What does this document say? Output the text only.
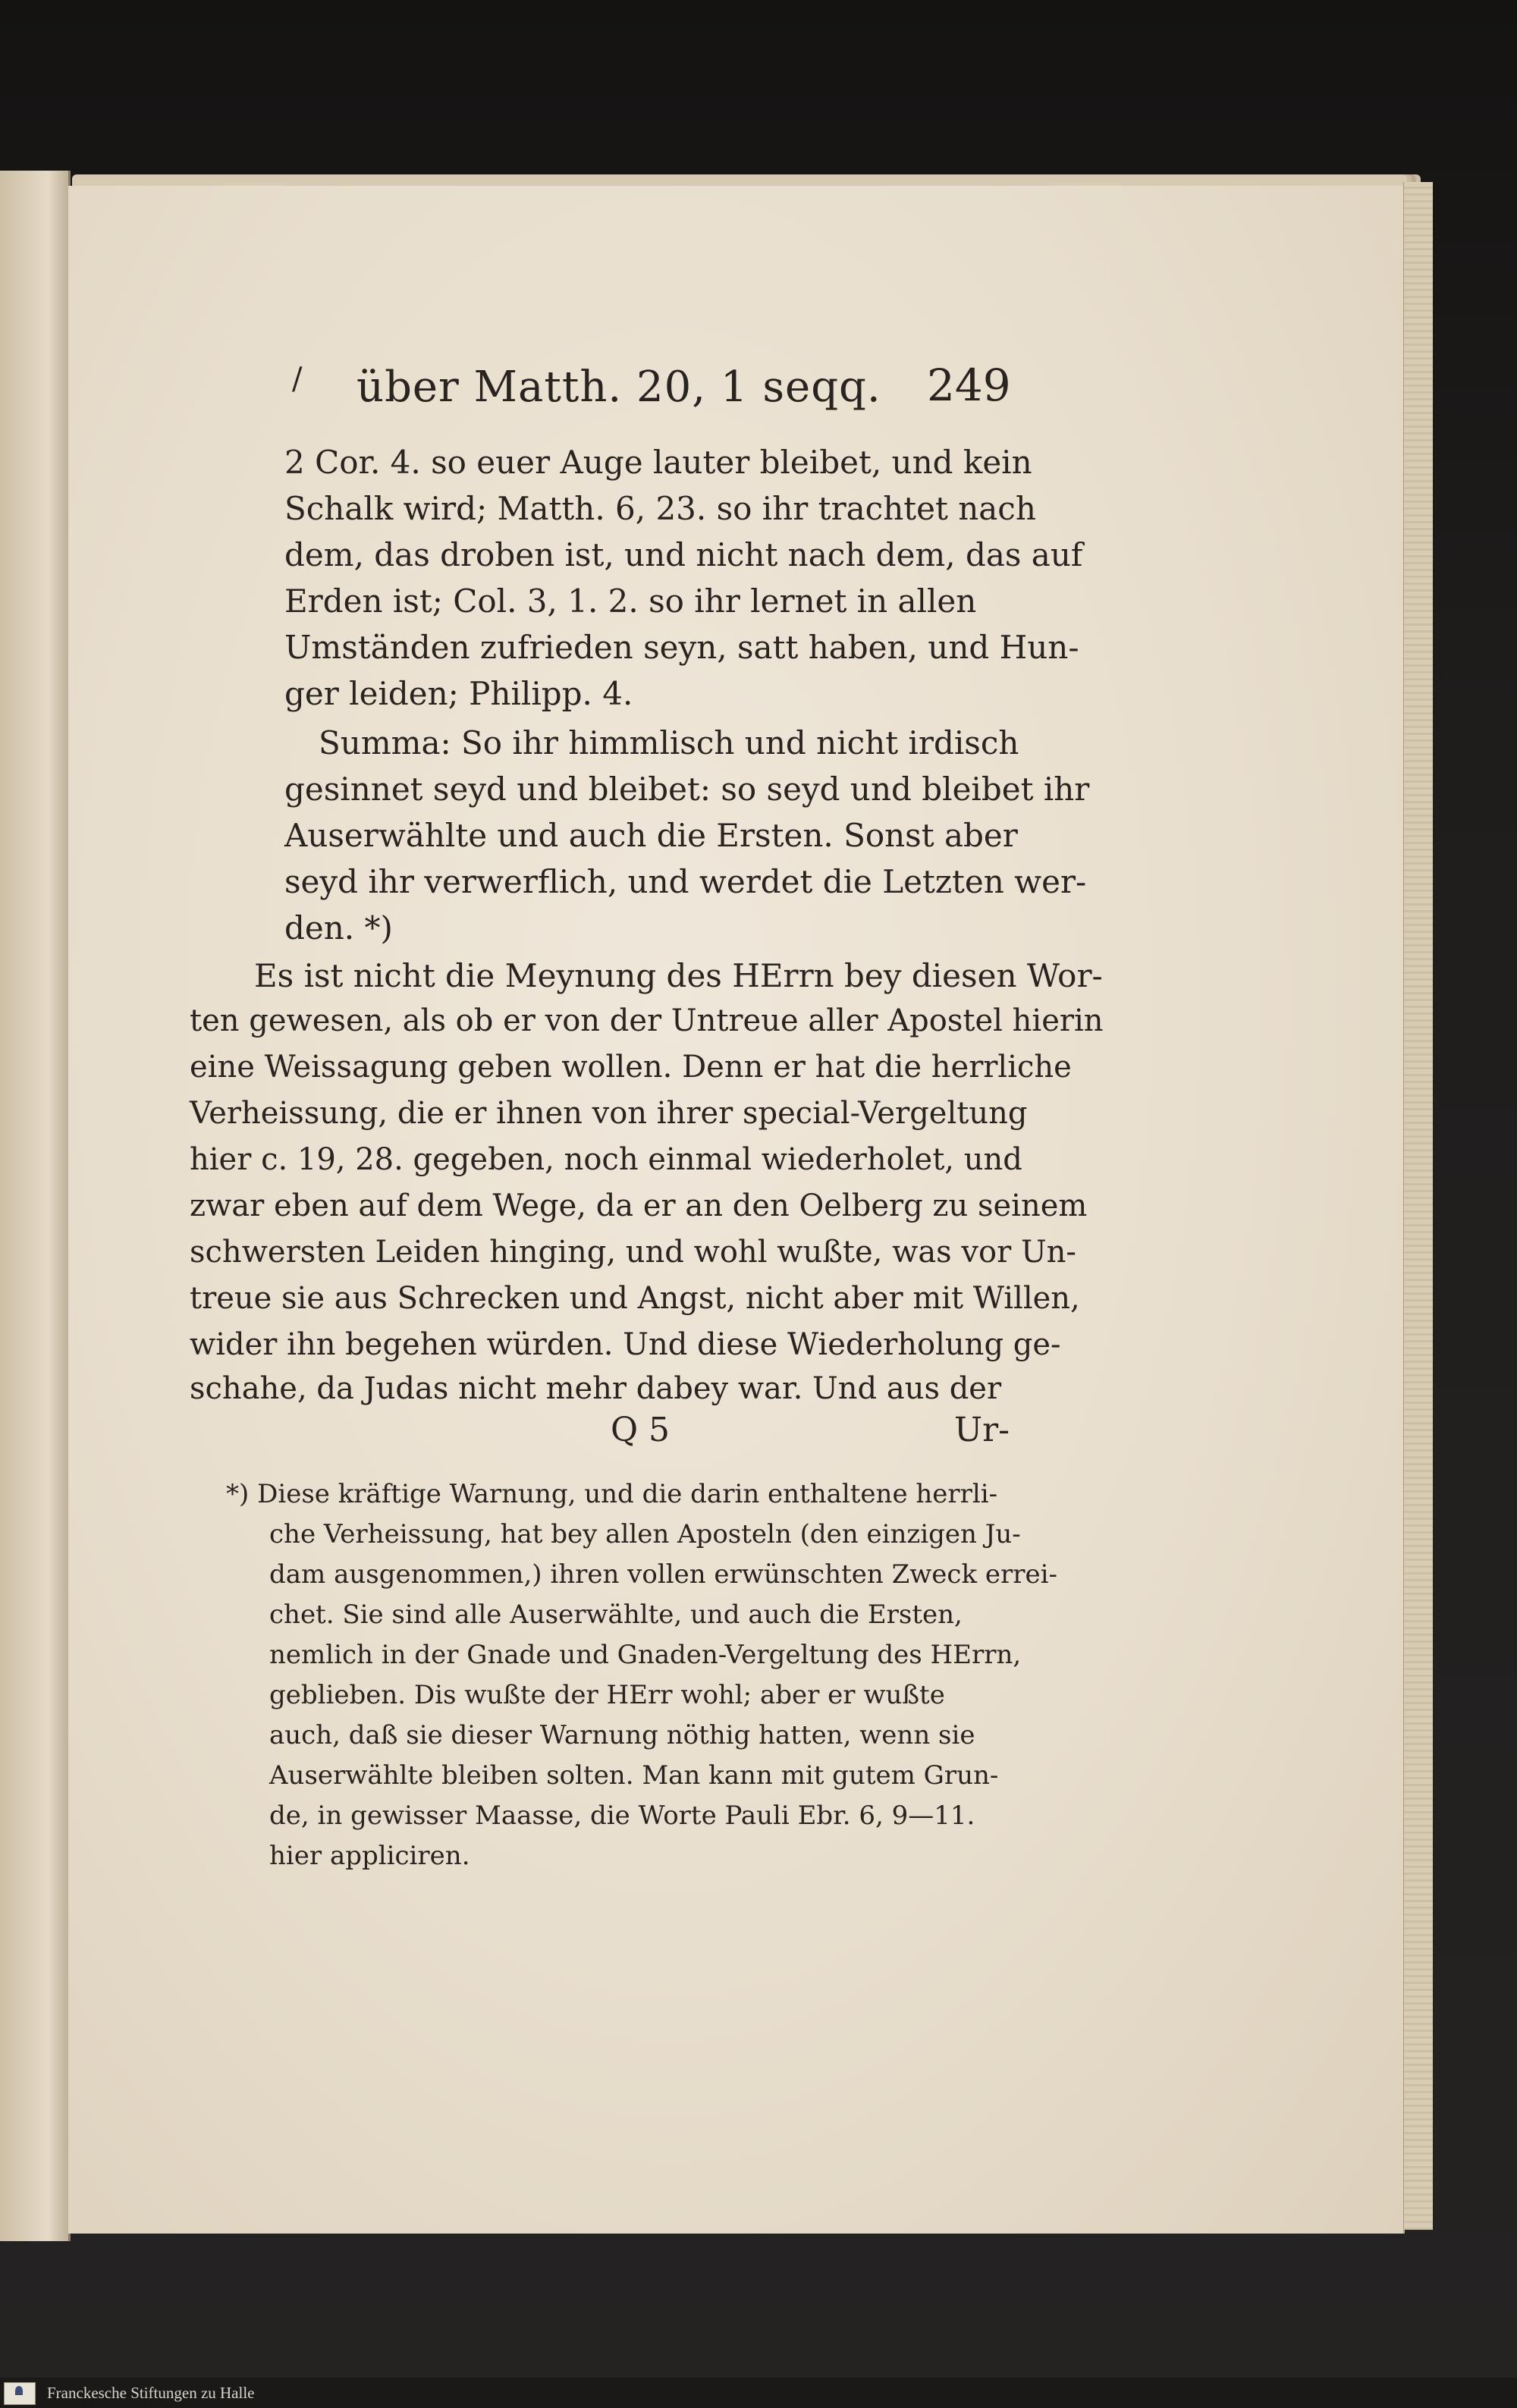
/ über Matth. 20, 1 seqq. 249
2 Cor. 4. so euer Auge lauter bleibet, und kein
Schalk wird; Matth. 6, 23. so ihr trachtet nach
dem, das droben ist, und nicht nach dem, das auf
Erden ist; Col. 3, 1. 2. so ihr lernet in allen
Umständen zufrieden seyn, satt haben, und Hun-
ger leiden; Philipp. 4.
Summa: So ihr himmlisch und nicht irdisch
gesinnet seyd und bleibet: so seyd und bleibet ihr
Auserwählte und auch die Ersten. Sonst aber
seyd ihr verwerflich, und werdet die Letzten wer-
den. *)
Es ist nicht die Meynung des HErrn bey diesen Wor-
ten gewesen, als ob er von der Untreue aller Apostel hierin
eine Weissagung geben wollen. Denn er hat die herrliche
Verheissung, die er ihnen von ihrer special-Vergeltung
hier c. 19, 28. gegeben, noch einmal wiederholet, und
zwar eben auf dem Wege, da er an den Oelberg zu seinem
schwersten Leiden hinging, und wohl wußte, was vor Un-
treue sie aus Schrecken und Angst, nicht aber mit Willen,
wider ihn begehen würden. Und diese Wiederholung ge-
schahe, da Judas nicht mehr dabey war. Und aus der
Q 5	Ur-
*) Diese kräftige Warnung, und die darin enthaltene herrli-
che Verheissung, hat bey allen Aposteln (den einzigen Ju-
dam ausgenommen,) ihren vollen erwünschten Zweck errei-
chet. Sie sind alle Auserwählte, und auch die Ersten,
nemlich in der Gnade und Gnaden-Vergeltung des HErrn,
geblieben. Dis wußte der HErr wohl; aber er wußte
auch, daß sie dieser Warnung nöthig hatten, wenn sie
Auserwählte bleiben solten. Man kann mit gutem Grun-
de, in gewisser Maasse, die Worte Pauli Ebr. 6, 9—11.
hier appliciren.
Franckesche Stiftungen zu Halle
